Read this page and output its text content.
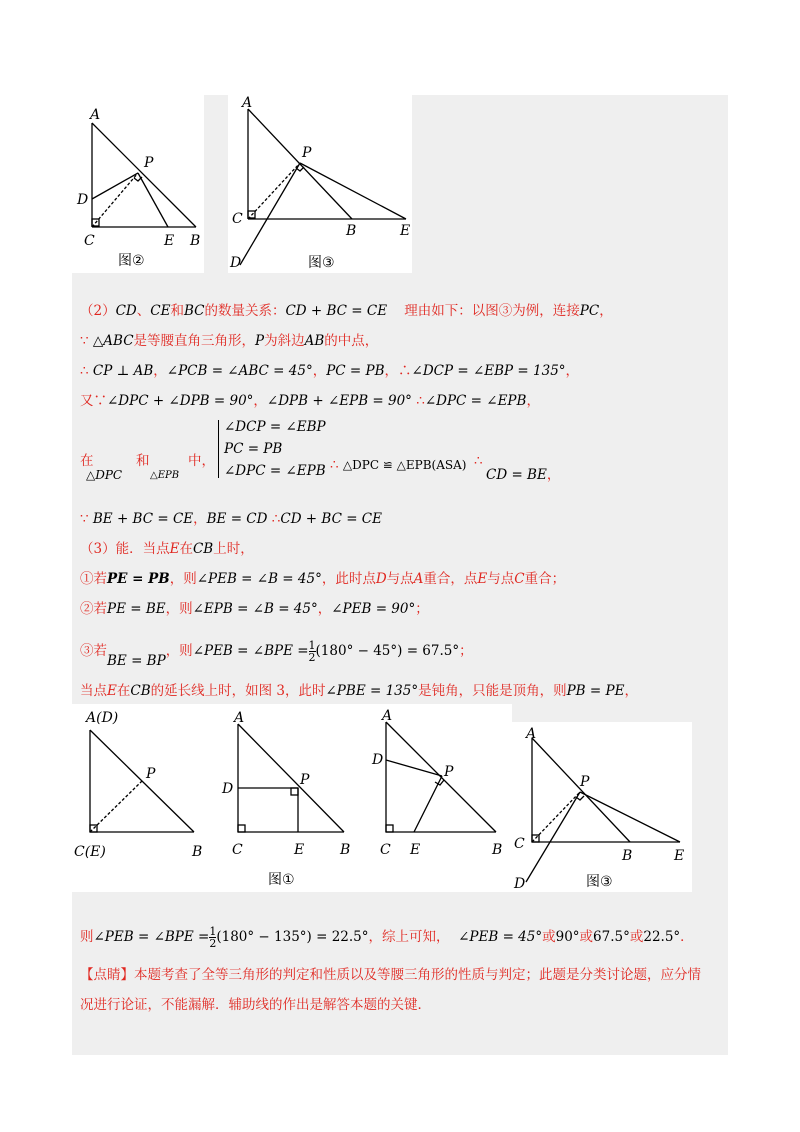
A
P
D
C	E B
图②
A
P
C
B	E
D	图③
（2）CD、CE和BC的数量关系：CD + BC = CE 理由如下：以图③为例，连接PC，
∵ △ABC是等腰直角三角形，P为斜边AB的中点，
∴ CP ⊥ AB，∠PCB = ∠ABC = 45°，PC = PB，∴∠DCP = ∠EBP = 135°，
又∵∠DPC + ∠DPB = 90°，∠DPB + ∠EPB = 90° ∴∠DPC = ∠EPB，
在	和	中，
△DPC	△EPB
∠DCP = ∠EBP
PC = PB
∠DPC = ∠EPB ∴ △DPC ≌ △EPB(ASA) ∴
CD = BE，
∵ BE + BC = CE，BE = CD ∴CD + BC = CE
（3）能．当点E在CB上时，
①若PE = PB，则∠PEB = ∠B = 45°，此时点D与点A重合，点E与点C重合；
②若PE = BE，则∠EPB = ∠B = 45°，∠PEB = 90°；
③若BE = BP，则∠PEB = ∠BPE = $\frac{1}{2} (180^\circ - 45^\circ) = 67.5^\circ$；
当点E在CB的延长线上时，如图 3，此时∠PBE = 135°是钝角，只能是顶角，则PB = PE，
A(D)
P
C(E)	B
A
D
P
C	E	B
A
D
P
C E	B
图①
A
P
C
B	E
D	图③
则∠PEB = ∠BPE = $\frac{1}{2} (180^\circ - 135^\circ) = 22.5^\circ$，综上可知， ∠PEB = 45°或90°或67.5°或22.5°．
【点睛】本题考查了全等三角形的判定和性质以及等腰三角形的性质与判定；此题是分类讨论题，应分情
况进行论证，不能漏解．辅助线的作出是解答本题的关键．
